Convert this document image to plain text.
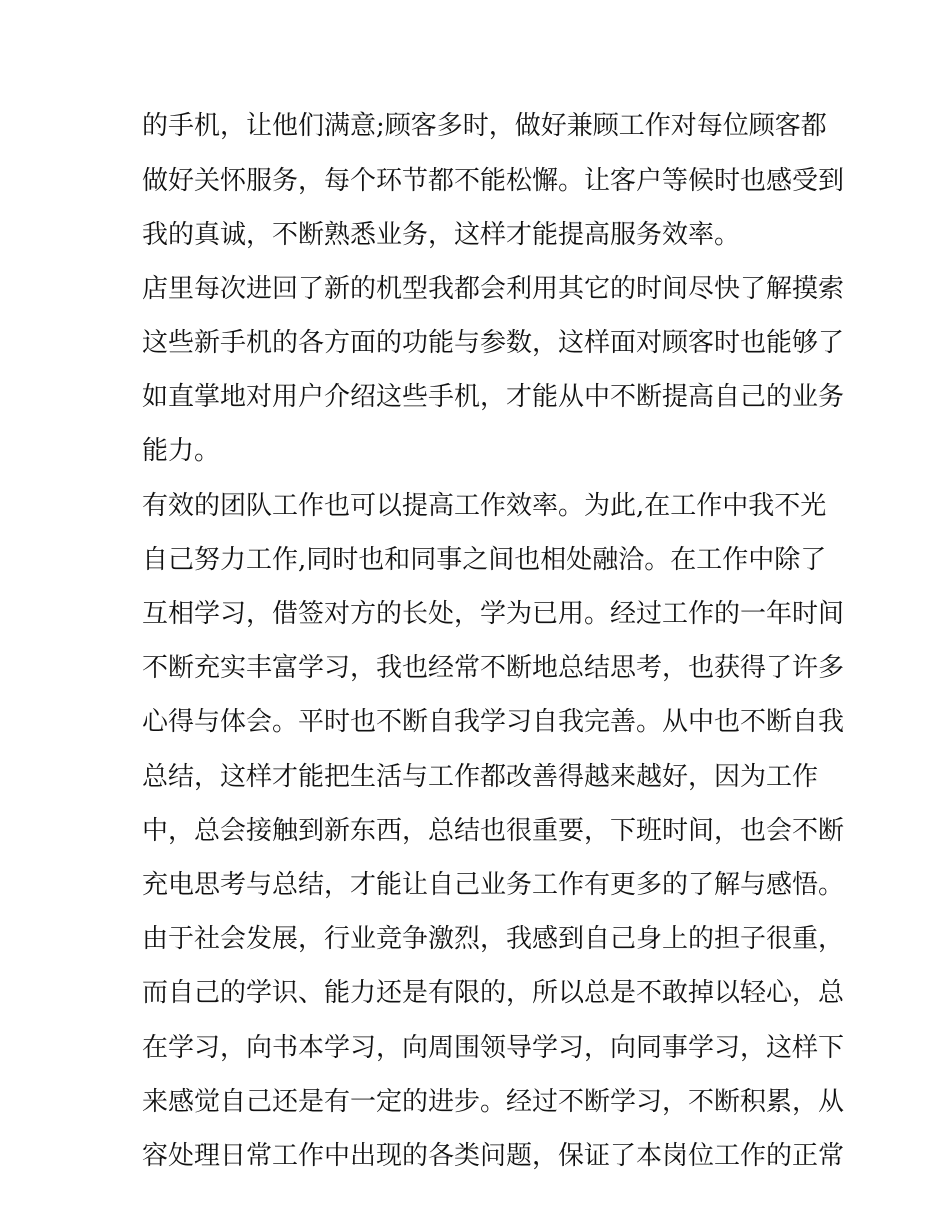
的手机，让他们满意;顾客多时，做好兼顾工作对每位顾客都

做好关怀服务，每个环节都不能松懈。让客户等候时也感受到

我的真诚，不断熟悉业务，这样才能提高服务效率。

店里每次进回了新的机型我都会利用其它的时间尽快了解摸索

这些新手机的各方面的功能与参数，这样面对顾客时也能够了

如直掌地对用户介绍这些手机，才能从中不断提高自己的业务

能力。

有效的团队工作也可以提高工作效率。为此,在工作中我不光

自己努力工作,同时也和同事之间也相处融洽。在工作中除了

互相学习，借签对方的长处，学为已用。经过工作的一年时间

不断充实丰富学习，我也经常不断地总结思考，也获得了许多

心得与体会。平时也不断自我学习自我完善。从中也不断自我

总结，这样才能把生活与工作都改善得越来越好，因为工作

中，总会接触到新东西，总结也很重要，下班时间，也会不断

充电思考与总结，才能让自己业务工作有更多的了解与感悟。

由于社会发展，行业竞争激烈，我感到自己身上的担子很重，

而自己的学识、能力还是有限的，所以总是不敢掉以轻心，总

在学习，向书本学习，向周围领导学习，向同事学习，这样下

来感觉自己还是有一定的进步。经过不断学习，不断积累，从

容处理日常工作中出现的各类问题，保证了本岗位工作的正常
